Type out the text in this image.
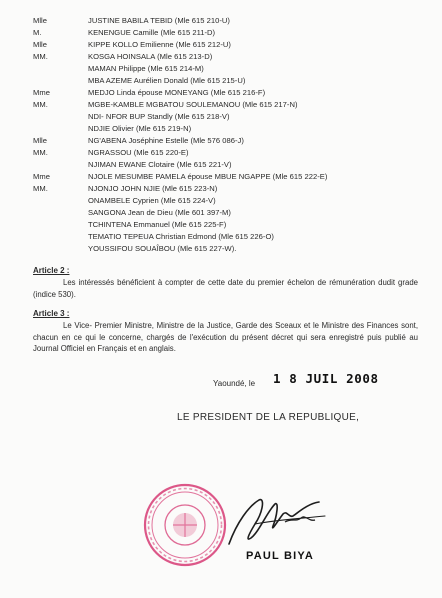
Mlle	JUSTINE BABILA TEBID (Mle 615 210-U)
M.	KENENGUE Camille (Mle 615 211-D)
Mlle	KIPPE KOLLO Emilienne (Mle 615 212-U)
MM.	KOSGA HOINSALA (Mle 615 213-D)
MAMAN Philippe (Mle 615 214-M)
MBA AZEME Aurélien Donald (Mle 615 215-U)
Mme	MEDJO Linda épouse MONEYANG (Mle 615 216-F)
MM.	MGBE-KAMBLE MGBATOU SOULEMANOU (Mle 615 217-N)
NDI- NFOR BUP Standly (Mle 615 218-V)
NDJIE Olivier (Mle 615 219-N)
Mlle	NG'ABENA Joséphine Estelle (Mle 576 086-J)
MM.	NGRASSOU (Mle 615 220-E)
NJIMAN EWANE Clotaire (Mle 615 221-V)
Mme	NJOLE MESUMBE PAMELA épouse MBUE NGAPPE (Mle 615 222-E)
MM.	NJONJO JOHN NJIE (Mle 615 223-N)
ONAMBELE Cyprien (Mle 615 224-V)
SANGONA Jean de Dieu (Mle 601 397-M)
TCHINTENA Emmanuel (Mle 615 225-F)
TEMATIO TEPEUA Christian Edmond (Mle 615 226-O)
YOUSSIFOU SOUAÎBOU (Mle 615 227-W).
Article 2 :
Les intéressés bénéficient à compter de cette date du premier échelon de rémunération dudit grade (indice 530).
Article 3 :
Le Vice- Premier Ministre, Ministre de la Justice, Garde des Sceaux et le Ministre des Finances sont, chacun en ce qui le concerne, chargés de l'exécution du présent décret qui sera enregistré puis publié au Journal Officiel en Français et en anglais.
Yaoundé, le 1 8 JUIL 2008
LE PRESIDENT DE LA REPUBLIQUE,
PAUL BIYA
